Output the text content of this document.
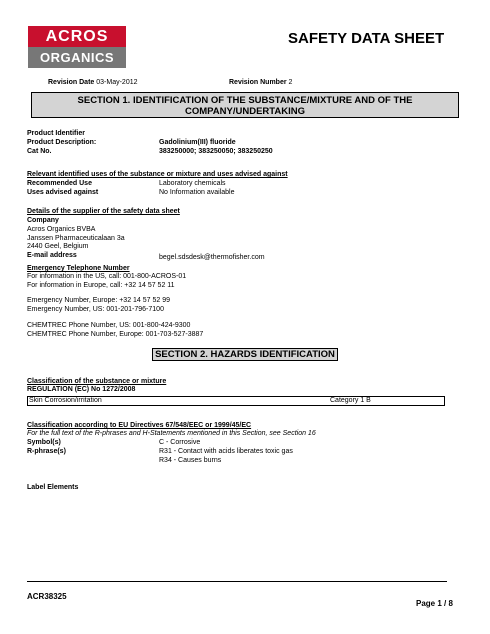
ACROS
ORGANICS
SAFETY DATA SHEET
Revision Date 03-May-2012	Revision Number 2
SECTION 1. IDENTIFICATION OF THE SUBSTANCE/MIXTURE AND OF THE
COMPANY/UNDERTAKING
Product Identifier
Product Description:	Gadolinium(III) fluoride
Cat No.	383250000; 383250050; 383250250
Relevant identified uses of the substance or mixture and uses advised against
Recommended Use	Laboratory chemicals
Uses advised against	No Information available
Details of the supplier of the safety data sheet
Company
Acros Organics BVBA
Janssen Pharmaceuticalaan 3a
2440 Geel, Belgium
E-mail address	begel.sdsdesk@thermofisher.com
Emergency Telephone Number
For information in the US, call: 001-800-ACROS-01
For information in Europe, call: +32 14 57 52 11
Emergency Number, Europe: +32 14 57 52 99
Emergency Number, US: 001-201-796-7100
CHEMTREC Phone Number, US: 001-800-424-9300
CHEMTREC Phone Number, Europe: 001-703-527-3887
SECTION 2. HAZARDS IDENTIFICATION
Classification of the substance or mixture
REGULATION (EC) No 1272/2008
Skin Corrosion/irritation	Category 1 B
Classification according to EU Directives 67/548/EEC or 1999/45/EC
For the full text of the R-phrases and H-Statements mentioned in this Section, see Section 16
Symbol(s)	C - Corrosive
R-phrase(s)	R31 - Contact with acids liberates toxic gas
R34 - Causes burns
Label Elements
ACR38325
Page 1 / 8
